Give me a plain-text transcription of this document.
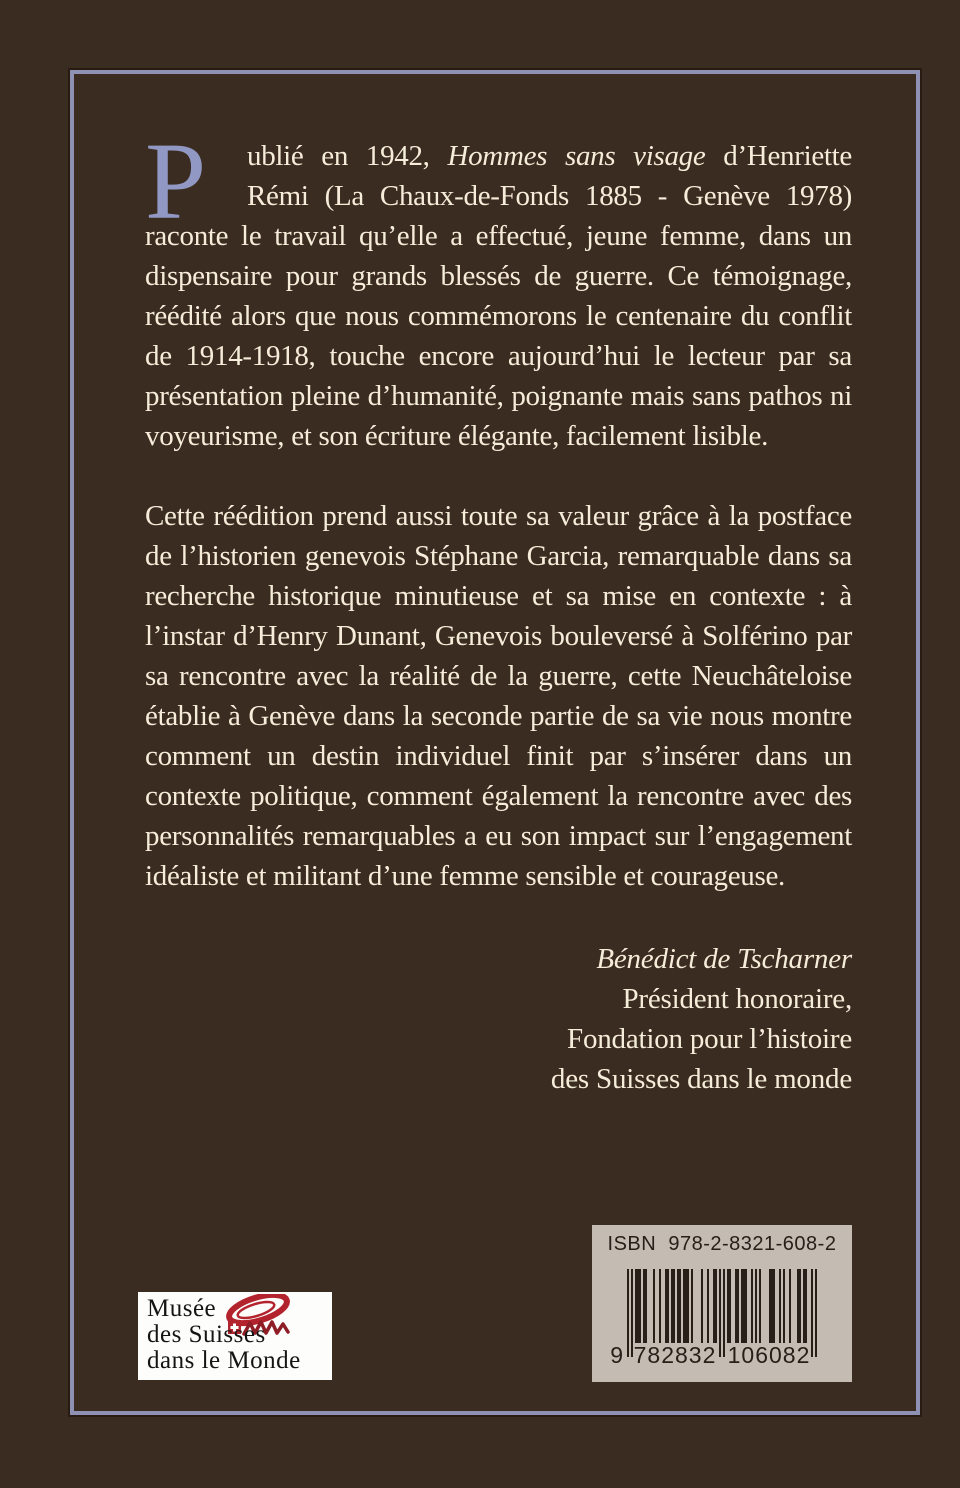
P	ublié en 1942, Hommes sans visage d’Henriette Rémi (La Chaux-de-Fonds 1885 - Genève 1978) raconte le travail qu’elle a effectué, jeune femme, dans un dispensaire pour grands blessés de guerre. Ce témoignage, réédité alors que nous commémorons le centenaire du conflit de 1914-1918, touche encore aujourd’hui le lecteur par sa présentation pleine d’humanité, poignante mais sans pathos ni voyeurisme, et son écriture élégante, facilement lisible.

Cette réédition prend aussi toute sa valeur grâce à la postface de l’historien genevois Stéphane Garcia, remarquable dans sa recherche historique minutieuse et sa mise en contexte : à l’instar d’Henry Dunant, Genevois bouleversé à Solférino par sa rencontre avec la réalité de la guerre, cette Neuchâteloise établie à Genève dans la seconde partie de sa vie nous montre comment un destin individuel finit par s’insérer dans un contexte politique, comment également la rencontre avec des personnalités remarquables a eu son impact sur l’engagement idéaliste et militant d’une femme sensible et courageuse.

Bénédict de Tscharner
Président honoraire,
Fondation pour l’histoire
des Suisses dans le monde
Musée
des Suisses
dans le Monde
ISBN  978-2-8321-608-2
9 782832 106082
